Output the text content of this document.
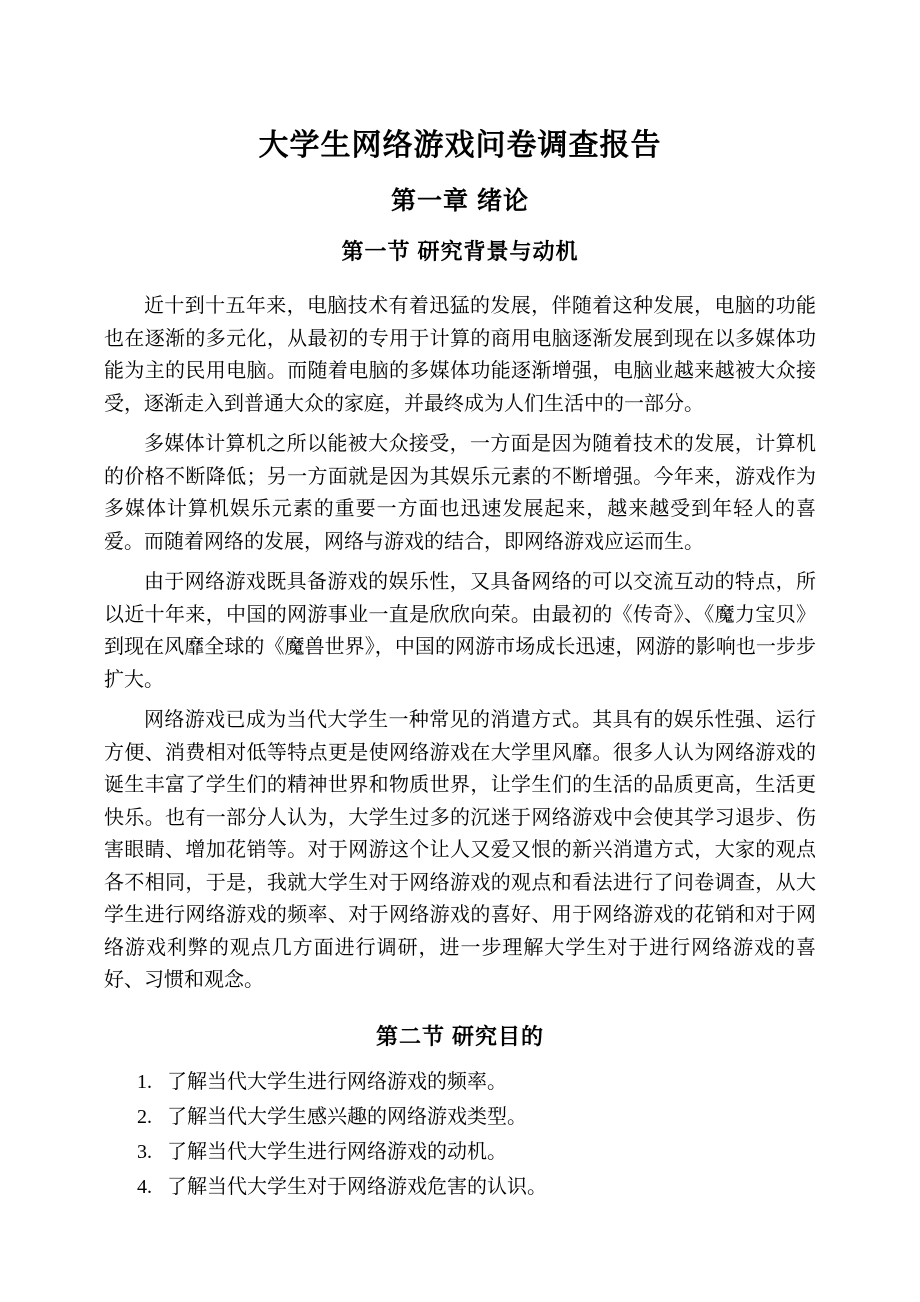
大学生网络游戏问卷调查报告
第一章 绪论
第一节 研究背景与动机

近十到十五年来，电脑技术有着迅猛的发展，伴随着这种发展，电脑的功能也在逐渐的多元化，从最初的专用于计算的商用电脑逐渐发展到现在以多媒体功能为主的民用电脑。而随着电脑的多媒体功能逐渐增强，电脑业越来越被大众接受，逐渐走入到普通大众的家庭，并最终成为人们生活中的一部分。

多媒体计算机之所以能被大众接受，一方面是因为随着技术的发展，计算机的价格不断降低；另一方面就是因为其娱乐元素的不断增强。今年来，游戏作为多媒体计算机娱乐元素的重要一方面也迅速发展起来，越来越受到年轻人的喜爱。而随着网络的发展，网络与游戏的结合，即网络游戏应运而生。

由于网络游戏既具备游戏的娱乐性，又具备网络的可以交流互动的特点，所以近十年来，中国的网游事业一直是欣欣向荣。由最初的《传奇》、《魔力宝贝》到现在风靡全球的《魔兽世界》，中国的网游市场成长迅速，网游的影响也一步步扩大。

网络游戏已成为当代大学生一种常见的消遣方式。其具有的娱乐性强、运行方便、消费相对低等特点更是使网络游戏在大学里风靡。很多人认为网络游戏的诞生丰富了学生们的精神世界和物质世界，让学生们的生活的品质更高，生活更快乐。也有一部分人认为，大学生过多的沉迷于网络游戏中会使其学习退步、伤害眼睛、增加花销等。对于网游这个让人又爱又恨的新兴消遣方式，大家的观点各不相同，于是，我就大学生对于网络游戏的观点和看法进行了问卷调查，从大学生进行网络游戏的频率、对于网络游戏的喜好、用于网络游戏的花销和对于网络游戏利弊的观点几方面进行调研，进一步理解大学生对于进行网络游戏的喜好、习惯和观念。

第二节 研究目的
1. 了解当代大学生进行网络游戏的频率。
2. 了解当代大学生感兴趣的网络游戏类型。
3. 了解当代大学生进行网络游戏的动机。
4. 了解当代大学生对于网络游戏危害的认识。
